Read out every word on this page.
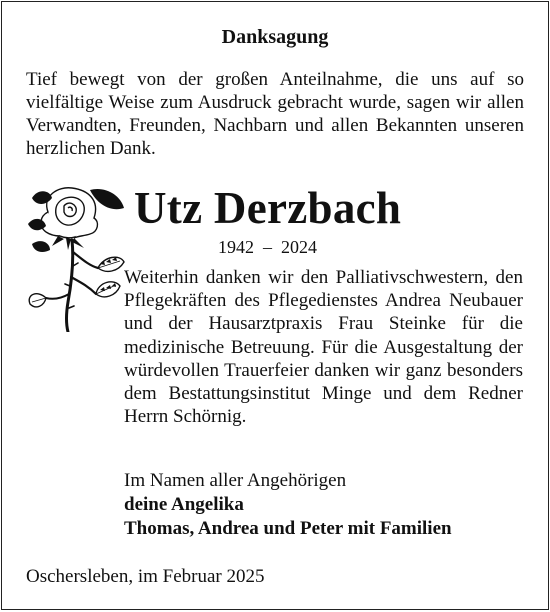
Danksagung
Tief bewegt von der großen Anteilnahme, die uns auf so vielfältige Weise zum Ausdruck gebracht wurde, sagen wir allen Verwandten, Freunden, Nachbarn und allen Bekannten unseren herzlichen Dank.
Utz Derzbach
1942  –  2024
Weiterhin danken wir den Palliativschwestern, den Pflegekräften des Pflegedienstes Andrea Neubauer und der Hausarztpraxis Frau Steinke für die medizinische Betreuung. Für die Ausgestaltung der würdevollen Trauerfeier danken wir ganz besonders dem Bestattungsinstitut Minge und dem Redner Herrn Schörnig.
Im Namen aller Angehörigen
deine Angelika
Thomas, Andrea und Peter mit Familien
Oschersleben, im Februar 2025
